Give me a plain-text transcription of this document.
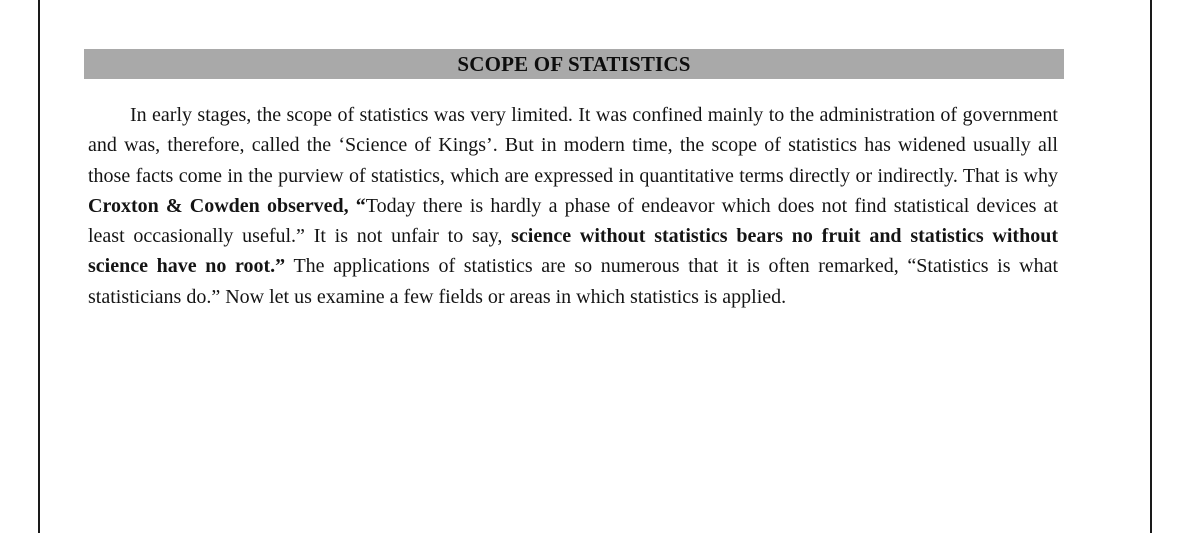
SCOPE OF STATISTICS

In early stages, the scope of statistics was very limited. It was confined mainly to the administration of government and was, therefore, called the ‘Science of Kings’. But in modern time, the scope of statistics has widened usually all those facts come in the purview of statistics, which are expressed in quantitative terms directly or indirectly. That is why Croxton & Cowden observed, “Today there is hardly a phase of endeavor which does not find statistical devices at least occasionally useful.” It is not unfair to say, science without statistics bears no fruit and statistics without science have no root.” The applications of statistics are so numerous that it is often remarked, “Statistics is what statisticians do.” Now let us examine a few fields or areas in which statistics is applied.
